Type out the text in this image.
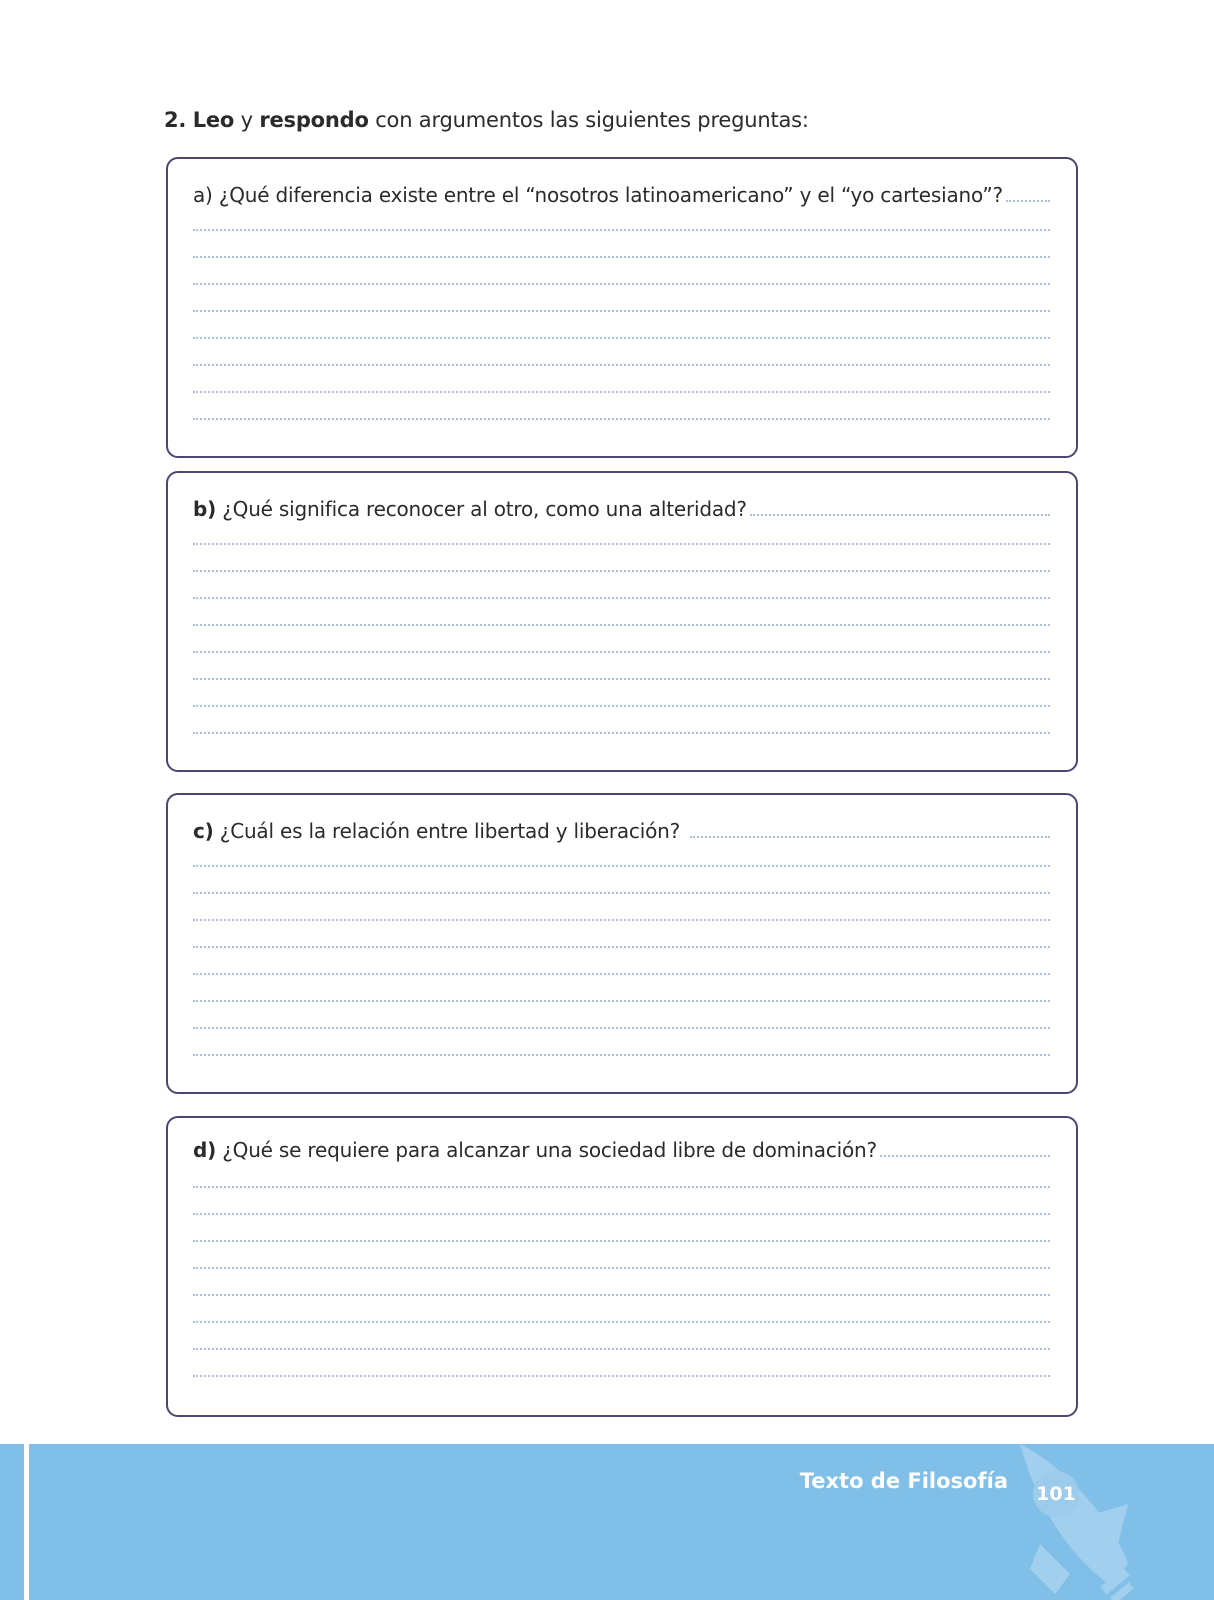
2. Leo y respondo con argumentos las siguientes preguntas:
a) ¿Qué diferencia existe entre el “nosotros latinoamericano” y el “yo cartesiano”?
b)
¿Qué significa reconocer al otro, como una alteridad?
c)
¿Cuál es la relación entre libertad y liberación?
d)
¿Qué se requiere para alcanzar una sociedad libre de dominación?
Texto de Filosofía
101
